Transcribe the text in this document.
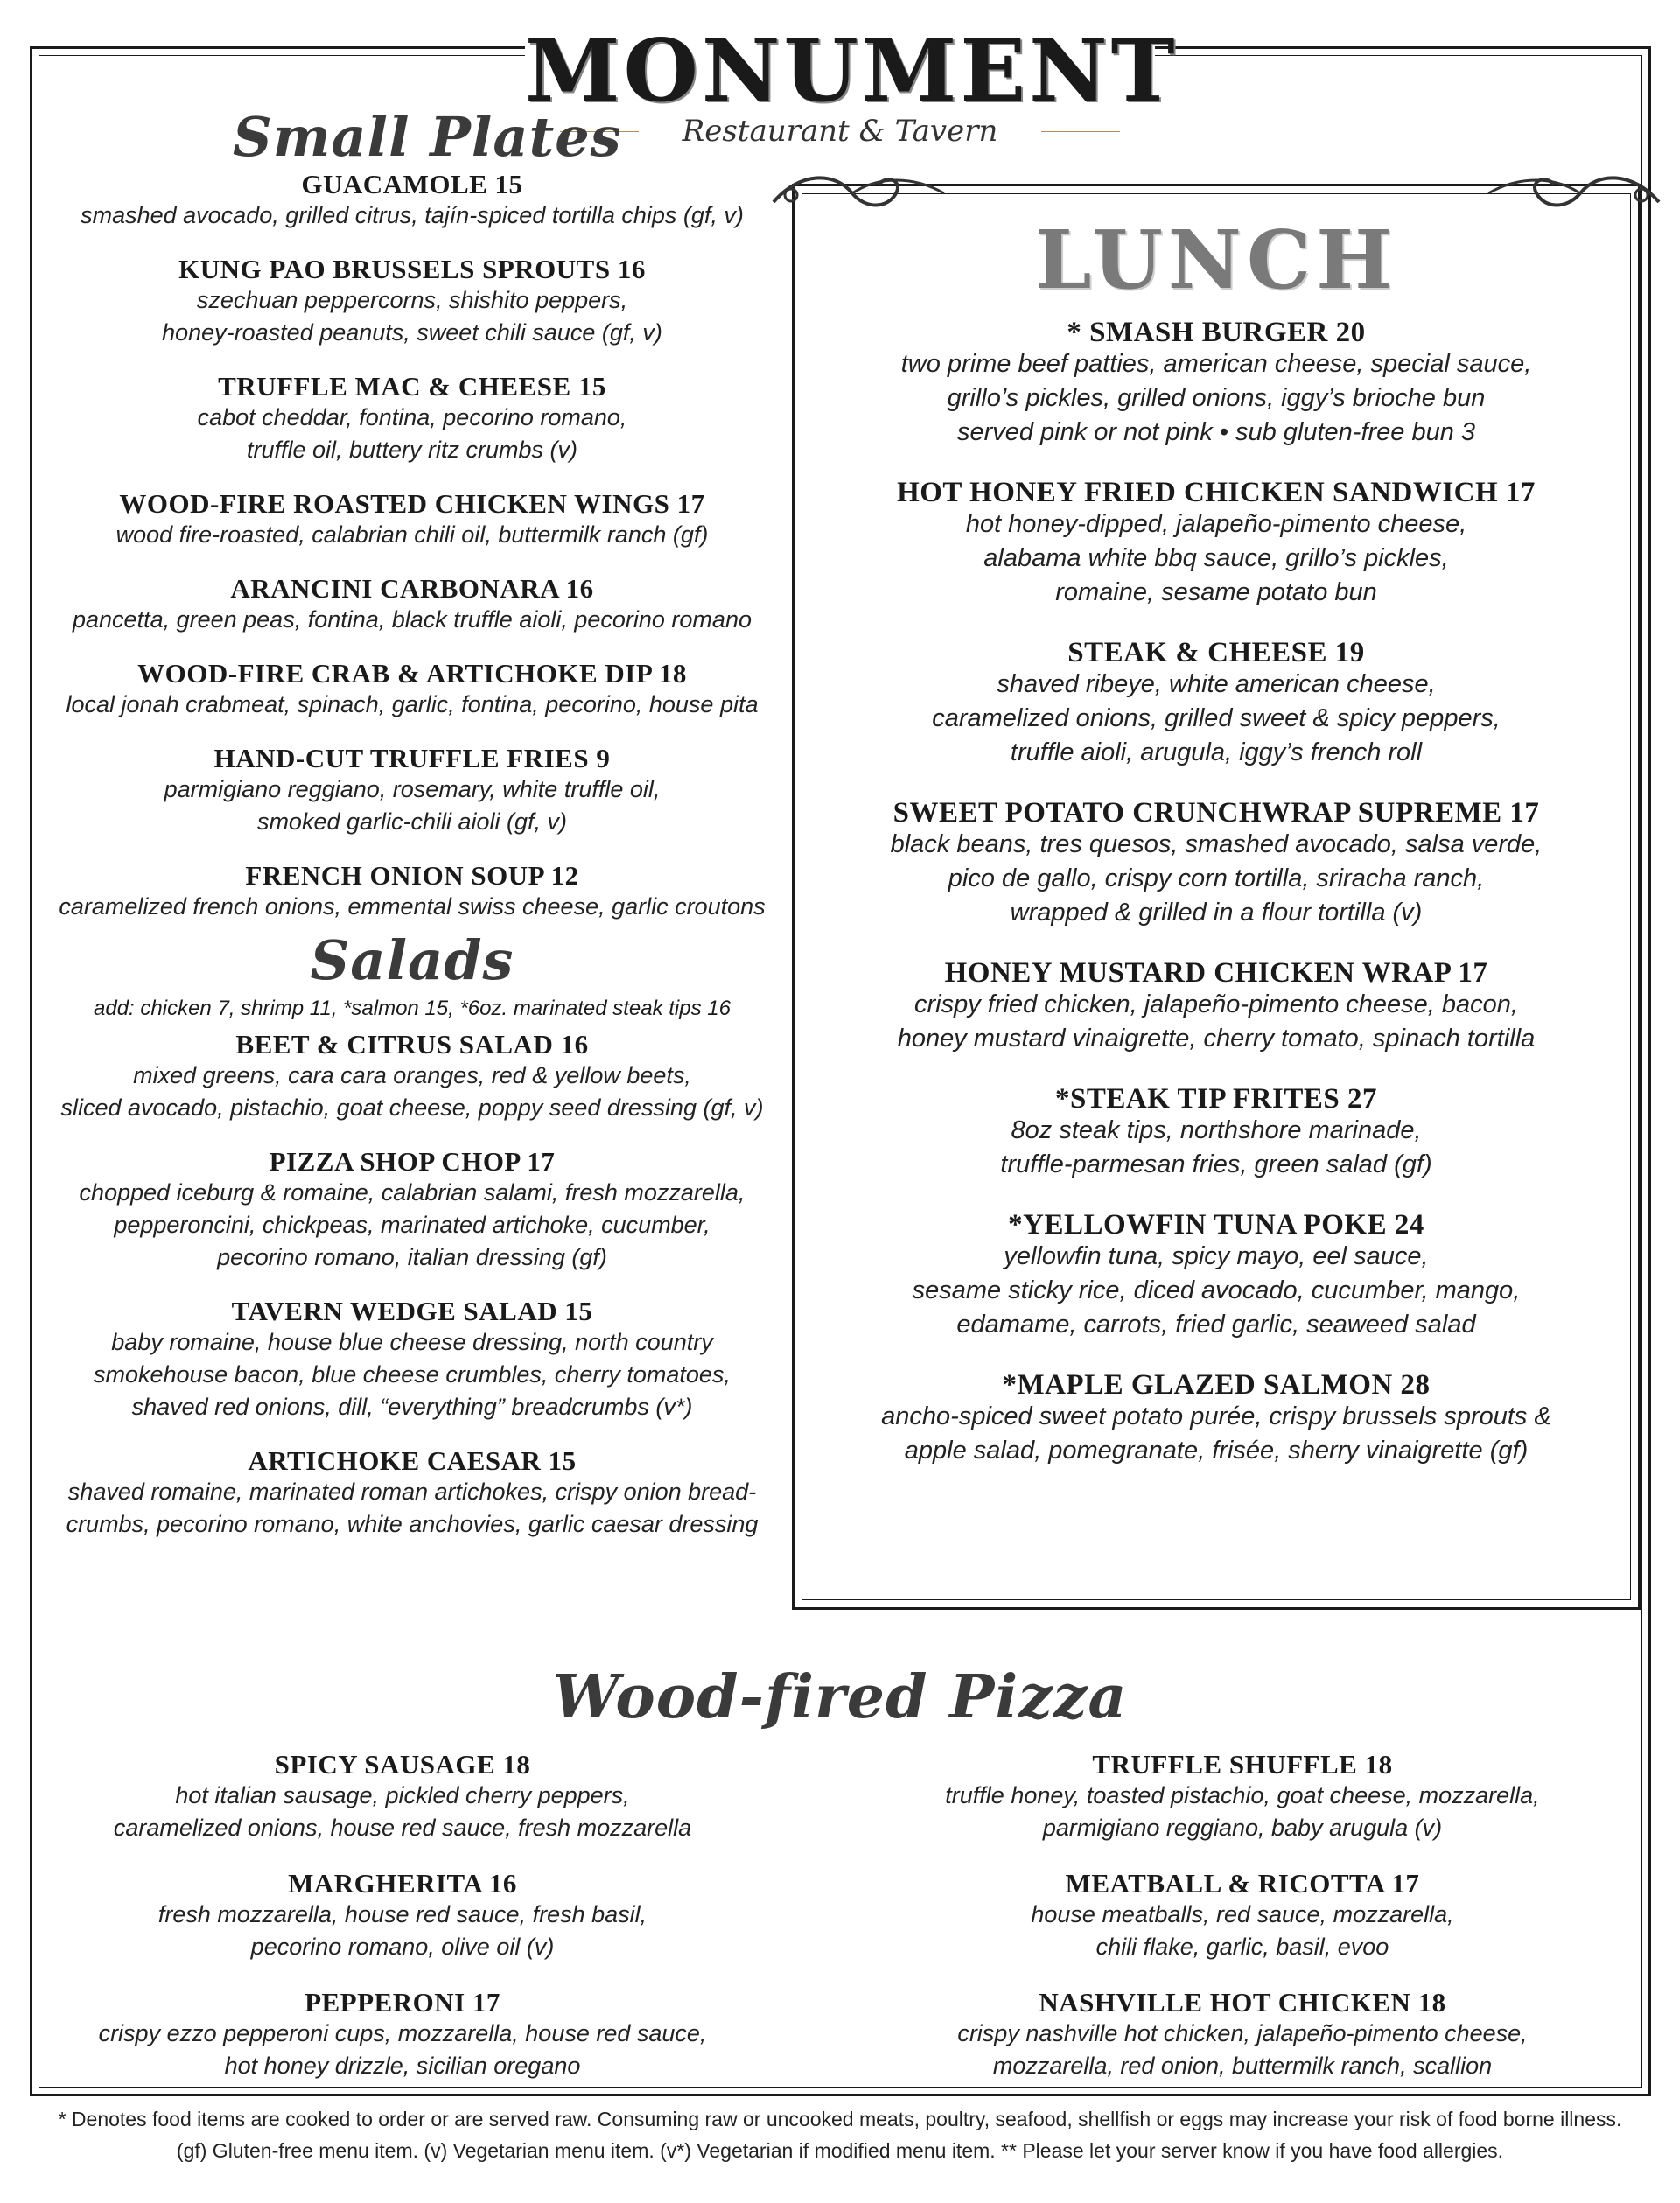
MONUMENT
Restaurant & Tavern
Small Plates
GUACAMOLE 15
smashed avocado, grilled citrus, tajín-spiced tortilla chips (gf, v)
KUNG PAO BRUSSELS SPROUTS 16
szechuan peppercorns, shishito peppers,
honey-roasted peanuts, sweet chili sauce (gf, v)
TRUFFLE MAC & CHEESE 15
cabot cheddar, fontina, pecorino romano,
truffle oil, buttery ritz crumbs (v)
WOOD-FIRE ROASTED CHICKEN WINGS 17
wood fire-roasted, calabrian chili oil, buttermilk ranch (gf)
ARANCINI CARBONARA 16
pancetta, green peas, fontina, black truffle aioli, pecorino romano
WOOD-FIRE CRAB & ARTICHOKE DIP 18
local jonah crabmeat, spinach, garlic, fontina, pecorino, house pita
HAND-CUT TRUFFLE FRIES 9
parmigiano reggiano, rosemary, white truffle oil,
smoked garlic-chili aioli (gf, v)
FRENCH ONION SOUP 12
caramelized french onions, emmental swiss cheese, garlic croutons
Salads
add: chicken 7, shrimp 11, *salmon 15, *6oz. marinated steak tips 16
BEET & CITRUS SALAD 16
mixed greens, cara cara oranges, red & yellow beets,
sliced avocado, pistachio, goat cheese, poppy seed dressing (gf, v)
PIZZA SHOP CHOP 17
chopped iceburg & romaine, calabrian salami, fresh mozzarella,
pepperoncini, chickpeas, marinated artichoke, cucumber,
pecorino romano, italian dressing (gf)
TAVERN WEDGE SALAD 15
baby romaine, house blue cheese dressing, north country
smokehouse bacon, blue cheese crumbles, cherry tomatoes,
shaved red onions, dill, “everything” breadcrumbs (v*)
ARTICHOKE CAESAR 15
shaved romaine, marinated roman artichokes, crispy onion bread-
crumbs, pecorino romano, white anchovies, garlic caesar dressing
LUNCH
* SMASH BURGER 20
two prime beef patties, american cheese, special sauce,
grillo’s pickles, grilled onions, iggy’s brioche bun
served pink or not pink • sub gluten-free bun 3
HOT HONEY FRIED CHICKEN SANDWICH 17
hot honey-dipped, jalapeño-pimento cheese,
alabama white bbq sauce, grillo’s pickles,
romaine, sesame potato bun
STEAK & CHEESE 19
shaved ribeye, white american cheese,
caramelized onions, grilled sweet & spicy peppers,
truffle aioli, arugula, iggy’s french roll
SWEET POTATO CRUNCHWRAP SUPREME 17
black beans, tres quesos, smashed avocado, salsa verde,
pico de gallo, crispy corn tortilla, sriracha ranch,
wrapped & grilled in a flour tortilla (v)
HONEY MUSTARD CHICKEN WRAP 17
crispy fried chicken, jalapeño-pimento cheese, bacon,
honey mustard vinaigrette, cherry tomato, spinach tortilla
*STEAK TIP FRITES 27
8oz steak tips, northshore marinade,
truffle-parmesan fries, green salad (gf)
*YELLOWFIN TUNA POKE 24
yellowfin tuna, spicy mayo, eel sauce,
sesame sticky rice, diced avocado, cucumber, mango,
edamame, carrots, fried garlic, seaweed salad
*MAPLE GLAZED SALMON 28
ancho-spiced sweet potato purée, crispy brussels sprouts &
apple salad, pomegranate, frisée, sherry vinaigrette (gf)
Wood-fired Pizza
SPICY SAUSAGE 18
hot italian sausage, pickled cherry peppers,
caramelized onions, house red sauce, fresh mozzarella
MARGHERITA 16
fresh mozzarella, house red sauce, fresh basil,
pecorino romano, olive oil (v)
PEPPERONI 17
crispy ezzo pepperoni cups, mozzarella, house red sauce,
hot honey drizzle, sicilian oregano
TRUFFLE SHUFFLE 18
truffle honey, toasted pistachio, goat cheese, mozzarella,
parmigiano reggiano, baby arugula (v)
MEATBALL & RICOTTA 17
house meatballs, red sauce, mozzarella,
chili flake, garlic, basil, evoo
NASHVILLE HOT CHICKEN 18
crispy nashville hot chicken, jalapeño-pimento cheese,
mozzarella, red onion, buttermilk ranch, scallion
* Denotes food items are cooked to order or are served raw. Consuming raw or uncooked meats, poultry, seafood, shellfish or eggs may increase your risk of food borne illness.
(gf) Gluten-free menu item. (v) Vegetarian menu item. (v*) Vegetarian if modified menu item. ** Please let your server know if you have food allergies.
